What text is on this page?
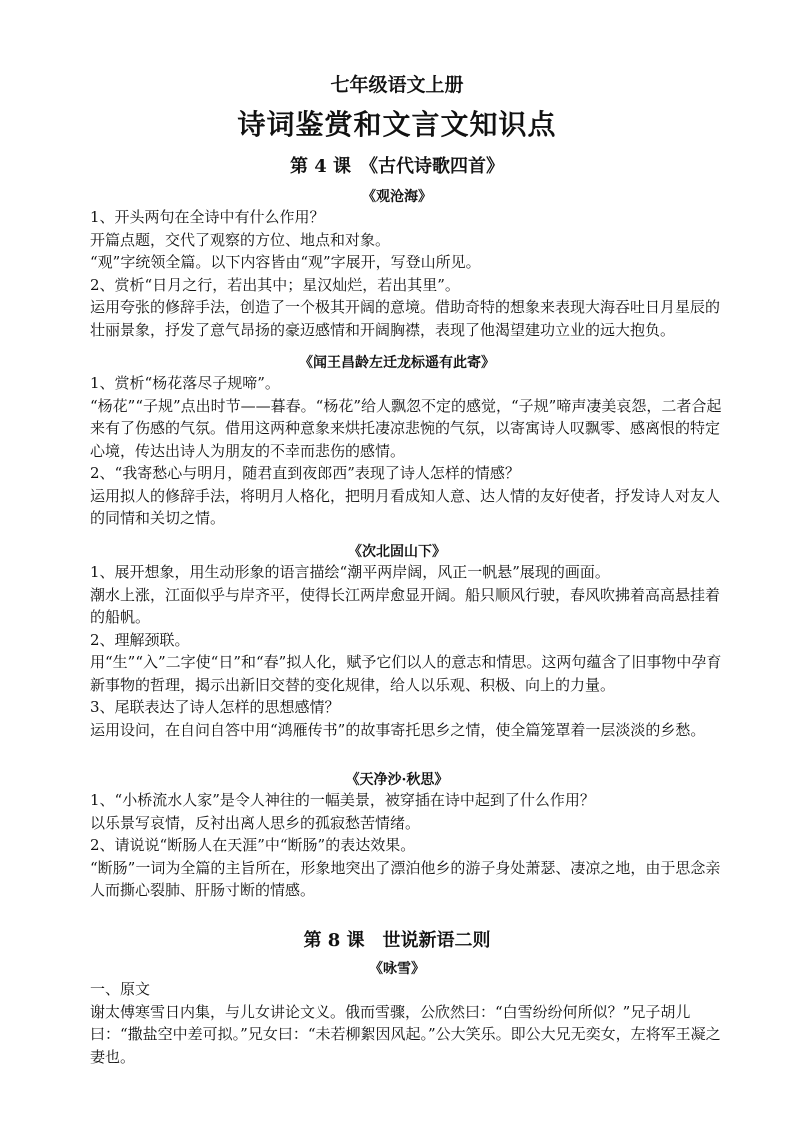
七年级语文上册
诗词鉴赏和文言文知识点
第 4 课　《古代诗歌四首》
《观沧海》

1、开头两句在全诗中有什么作用？

开篇点题，交代了观察的方位、地点和对象。

“观”字统领全篇。以下内容皆由“观”字展开，写登山所见。

2、赏析“日月之行，若出其中；星汉灿烂，若出其里”。

运用夸张的修辞手法，创造了一个极其开阔的意境。借助奇特的想象来表现大海吞吐日月星辰的壮丽景象，抒发了意气昂扬的豪迈感情和开阔胸襟，表现了他渴望建功立业的远大抱负。

《闻王昌龄左迁龙标遥有此寄》

1、赏析“杨花落尽子规啼”。

“杨花”“子规”点出时节——暮春。“杨花”给人飘忽不定的感觉，“子规”啼声凄美哀怨，二者合起来有了伤感的气氛。借用这两种意象来烘托凄凉悲惋的气氛，以寄寓诗人叹飘零、感离恨的特定心境，传达出诗人为朋友的不幸而悲伤的感情。

2、“我寄愁心与明月，随君直到夜郎西”表现了诗人怎样的情感？

运用拟人的修辞手法，将明月人格化，把明月看成知人意、达人情的友好使者，抒发诗人对友人的同情和关切之情。

《次北固山下》

1、展开想象，用生动形象的语言描绘“潮平两岸阔，风正一帆悬”展现的画面。

潮水上涨，江面似乎与岸齐平，使得长江两岸愈显开阔。船只顺风行驶，春风吹拂着高高悬挂着的船帆。

2、理解颈联。

用“生”“入”二字使“日”和“春”拟人化，赋予它们以人的意志和情思。这两句蕴含了旧事物中孕育新事物的哲理，揭示出新旧交替的变化规律，给人以乐观、积极、向上的力量。

3、尾联表达了诗人怎样的思想感情？

运用设问，在自问自答中用“鸿雁传书”的故事寄托思乡之情，使全篇笼罩着一层淡淡的乡愁。

《天净沙·秋思》

1、“小桥流水人家”是令人神往的一幅美景，被穿插在诗中起到了什么作用？

以乐景写哀情，反衬出离人思乡的孤寂愁苦情绪。

2、请说说“断肠人在天涯”中“断肠”的表达效果。

“断肠”一词为全篇的主旨所在，形象地突出了漂泊他乡的游子身处萧瑟、凄凉之地，由于思念亲人而撕心裂肺、肝肠寸断的情感。

第 8 课　世说新语二则
《咏雪》

一、原文

谢太傅寒雪日内集，与儿女讲论文义。俄而雪骤，公欣然曰：“白雪纷纷何所似？”兄子胡儿曰：“撒盐空中差可拟。”兄女曰：“未若柳絮因风起。”公大笑乐。即公大兄无奕女，左将军王凝之妻也。
